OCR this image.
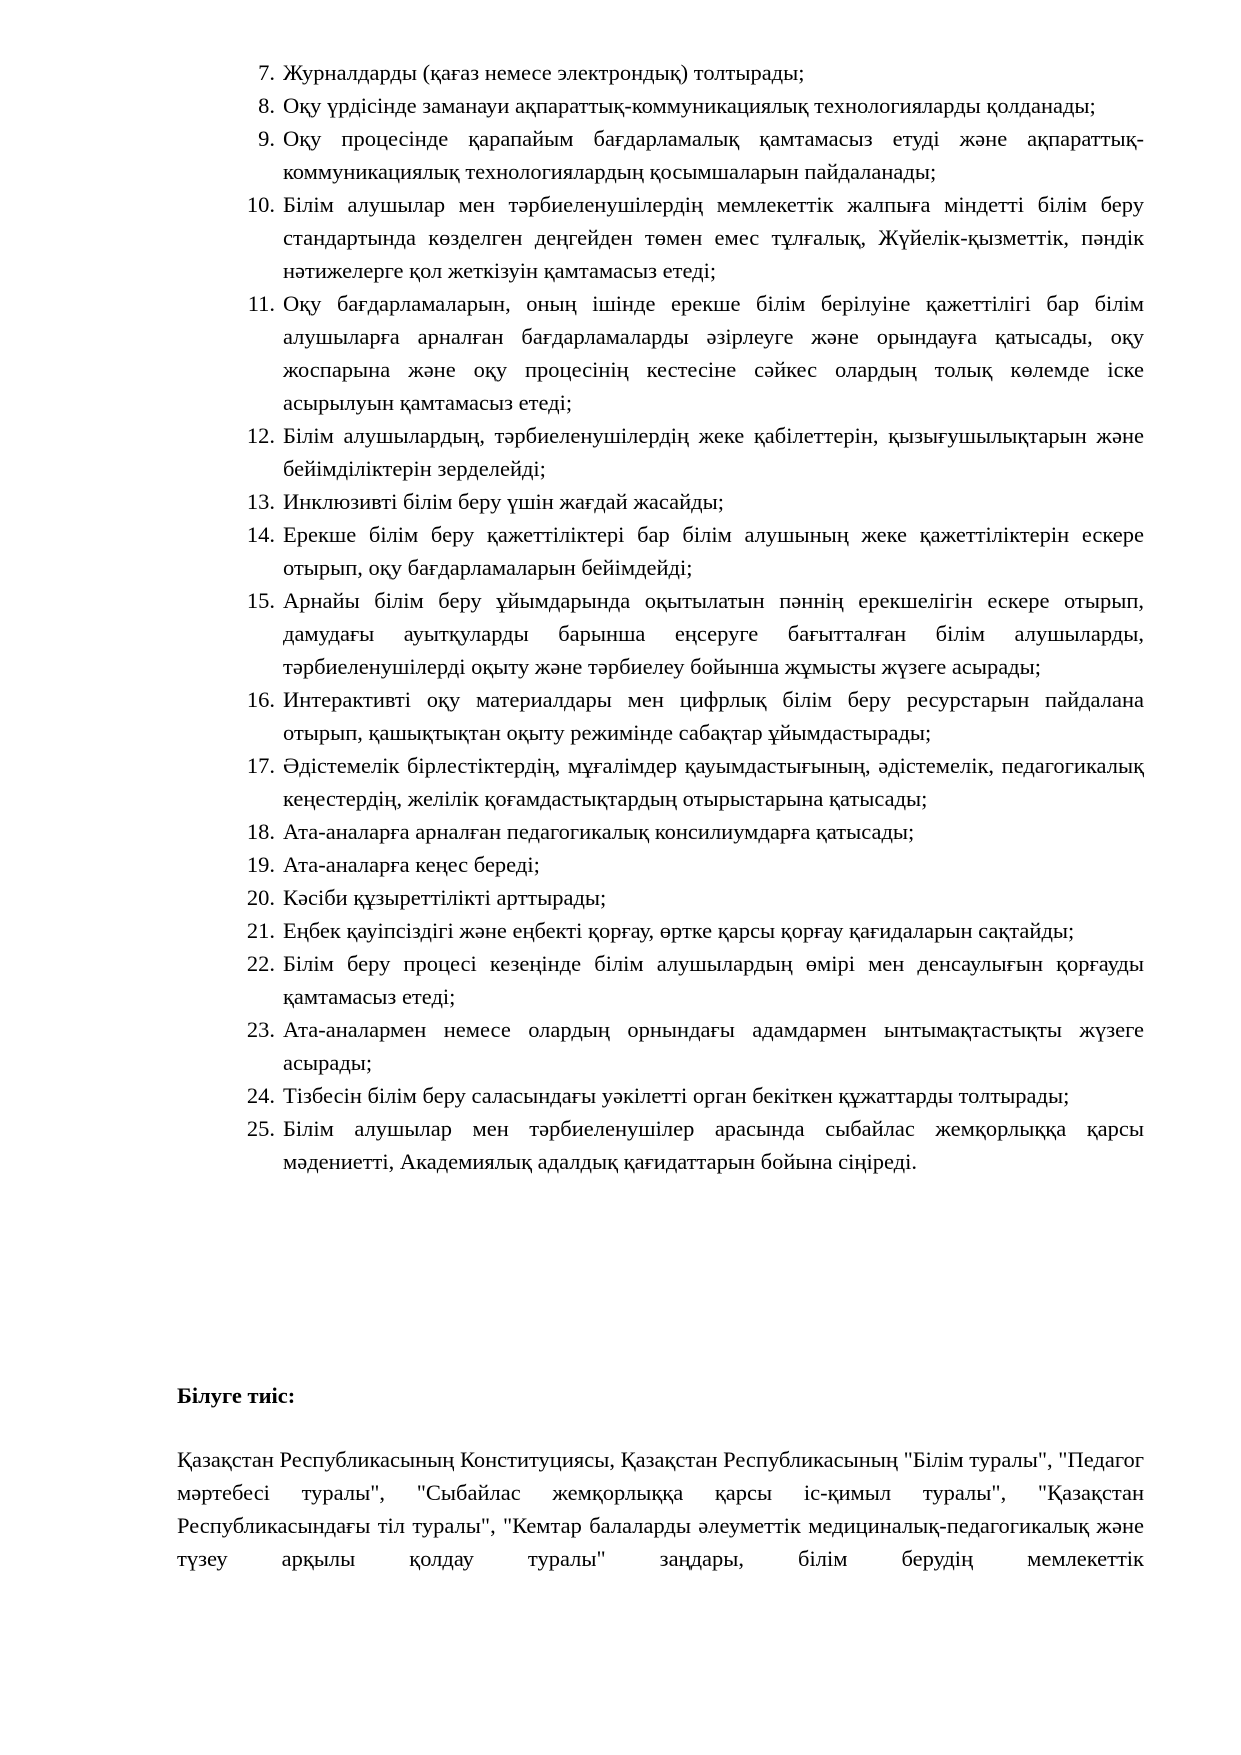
7. Журналдарды (қағаз немесе электрондық) толтырады;
8. Оқу үрдісінде заманауи ақпараттық-коммуникациялық технологияларды қолданады;
9. Оқу процесінде қарапайым бағдарламалық қамтамасыз етуді және ақпараттық-коммуникациялық технологиялардың қосымшаларын пайдаланады;
10. Білім алушылар мен тәрбиеленушілердің мемлекеттік жалпыға міндетті білім беру стандартында көзделген деңгейден төмен емес тұлғалық, Жүйелік-қызметтік, пәндік нәтижелерге қол жеткізуін қамтамасыз етеді;
11. Оқу бағдарламаларын, оның ішінде ерекше білім берілуіне қажеттілігі бар білім алушыларға арналған бағдарламаларды әзірлеуге және орындауға қатысады, оқу жоспарына және оқу процесінің кестесіне сәйкес олардың толық көлемде іске асырылуын қамтамасыз етеді;
12. Білім алушылардың, тәрбиеленушілердің жеке қабілеттерін, қызығушылықтарын және бейімділіктерін зерделейді;
13. Инклюзивті білім беру үшін жағдай жасайды;
14. Ерекше білім беру қажеттіліктері бар білім алушының жеке қажеттіліктерін ескере отырып, оқу бағдарламаларын бейімдейді;
15. Арнайы білім беру ұйымдарында оқытылатын пәннің ерекшелігін ескере отырып, дамудағы ауытқуларды барынша еңсеруге бағытталған білім алушыларды, тәрбиеленушілерді оқыту және тәрбиелеу бойынша жұмысты жүзеге асырады;
16. Интерактивті оқу материалдары мен цифрлық білім беру ресурстарын пайдалана отырып, қашықтықтан оқыту режимінде сабақтар ұйымдастырады;
17. Әдістемелік бірлестіктердің, мұғалімдер қауымдастығының, әдістемелік, педагогикалық кеңестердің, желілік қоғамдастықтардың отырыстарына қатысады;
18. Ата-аналарға арналған педагогикалық консилиумдарға қатысады;
19. Ата-аналарға кеңес береді;
20. Кәсіби құзыреттілікті арттырады;
21. Еңбек қауіпсіздігі және еңбекті қорғау, өртке қарсы қорғау қағидаларын сақтайды;
22. Білім беру процесі кезеңінде білім алушылардың өмірі мен денсаулығын қорғауды қамтамасыз етеді;
23. Ата-аналармен немесе олардың орнындағы адамдармен ынтымақтастықты жүзеге асырады;
24. Тізбесін білім беру саласындағы уәкілетті орган бекіткен құжаттарды толтырады;
25. Білім алушылар мен тәрбиеленушілер арасында сыбайлас жемқорлыққа қарсы мәдениетті, Академиялық адалдық қағидаттарын бойына сіңіреді.
Білуге тиіс:
Қазақстан Республикасының Конституциясы, Қазақстан Республикасының "Білім туралы", "Педагог мәртебесі туралы", "Сыбайлас жемқорлыққа қарсы іс-қимыл туралы", "Қазақстан Республикасындағы тіл туралы", "Кемтар балаларды әлеуметтік медициналық-педагогикалық және түзеу арқылы қолдау туралы" заңдары, білім берудің мемлекеттік
